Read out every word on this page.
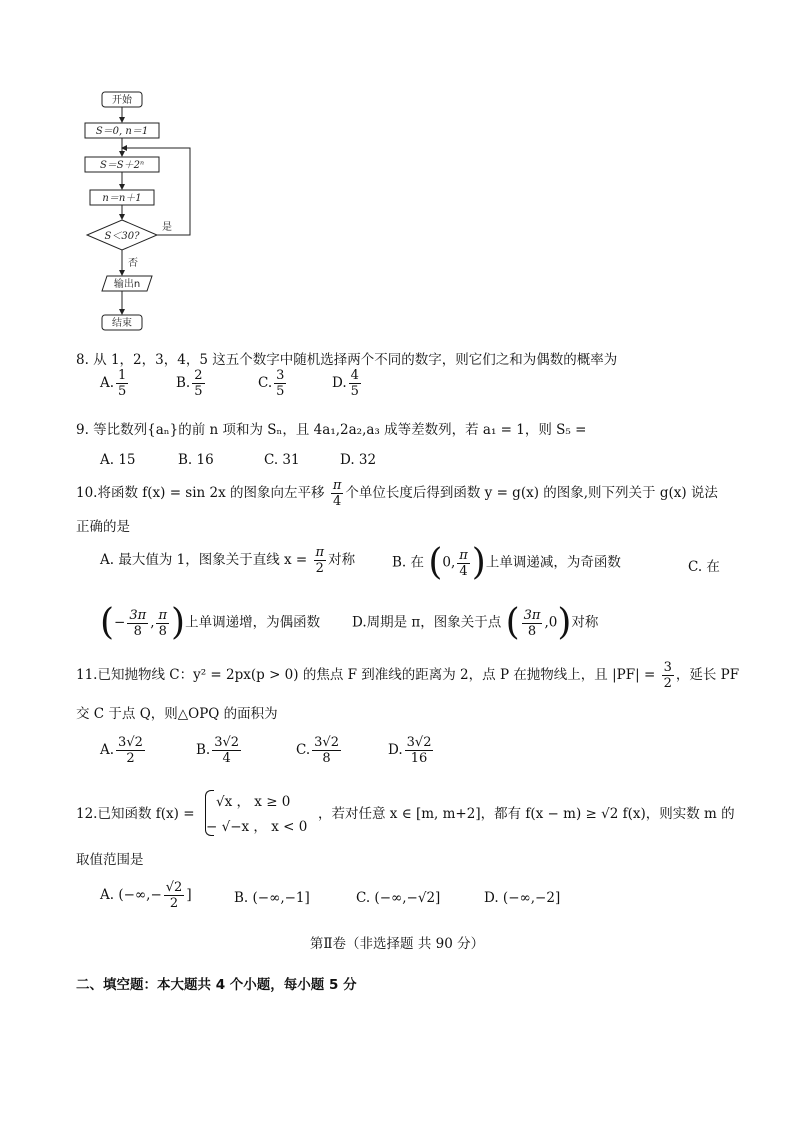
开始
S＝0, n＝1
S＝S＋2ⁿ
n＝n＋1
S＜30?
是
否
输出n
结束
8. 从 1，2，3，4，5 这五个数字中随机选择两个不同的数字，则它们之和为偶数的概率为
A. $\frac{1}{5}$	B. $\frac{2}{5}$	C. $\frac{3}{5}$	D. $\frac{4}{5}$
9. 等比数列{aₙ}的前 n 项和为 Sₙ，且 4a₁,2a₂,a₃ 成等差数列，若 a₁ = 1，则 S₅ =
A. 15	B. 16	C. 31	D. 32
10.将函数 f(x) = sin 2x 的图象向左平移 $\frac{\pi}{4}$ 个单位长度后得到函数 y = g(x) 的图象,则下列关于 g(x) 说法
正确的是
A. 最大值为 1，图象关于直线 $x = \frac{\pi}{2}$ 对称	B. 在 (0, $\frac{\pi}{4}$ )上单调递减，为奇函数	C. 在
(− $\frac{3\pi}{8}$ , $\frac{\pi}{8}$ )上单调递增，为偶函数 D.周期是 π，图象关于点 ( $\frac{3\pi}{8} ,0$)对称
11.已知抛物线 C：y² = 2px(p > 0) 的焦点 F 到准线的距离为 2，点 P 在抛物线上，且 $|PF| = \frac{3}{2}$ ，延长 PF
交 C 于点 Q，则△OPQ 的面积为
A. $\frac{3√2}{2}$	B. $\frac{3√2}{4}$	C. $\frac{3√2}{8}$	D. $\frac{3√2}{16}$
12.已知函数 f(x) =
√x ， x ≥ 0
− √−x ， x < 0
，若对任意 x ∈ [m, m+2]，都有 f(x − m) ≥ √2 f(x)，则实数 m 的
取值范围是
A. (−∞,− $\frac{√2}{2}$ ]	B. (−∞,−1]	C. (−∞,−√2]	D. (−∞,−2]
第Ⅱ卷（非选择题 共 90 分）
二、填空题：本大题共 4 个小题，每小题 5 分
